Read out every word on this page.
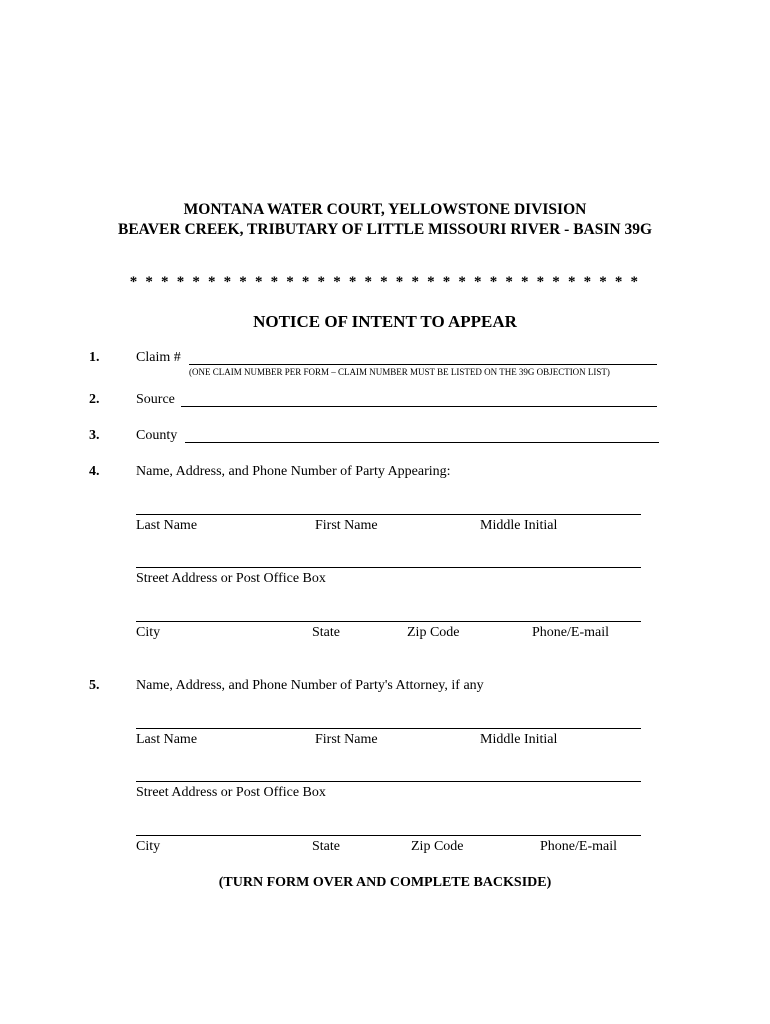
MONTANA WATER COURT, YELLOWSTONE DIVISION
BEAVER CREEK, TRIBUTARY OF LITTLE MISSOURI RIVER - BASIN 39G
* * * * * * * * * * * * * * * * * * * * * * * * * * * * * * * * *
NOTICE OF INTENT TO APPEAR
1.	Claim #
(ONE CLAIM NUMBER PER FORM – CLAIM NUMBER MUST BE LISTED ON THE 39G OBJECTION LIST)
2.	Source
3.	County
4.	Name, Address, and Phone Number of Party Appearing:
Last Name	First Name	Middle Initial
Street Address or Post Office Box
City	State	Zip Code	Phone/E-mail
5.	Name, Address, and Phone Number of Party's Attorney, if any
Last Name	First Name	Middle Initial
Street Address or Post Office Box
City	State	Zip Code	Phone/E-mail
(TURN FORM OVER AND COMPLETE BACKSIDE)
